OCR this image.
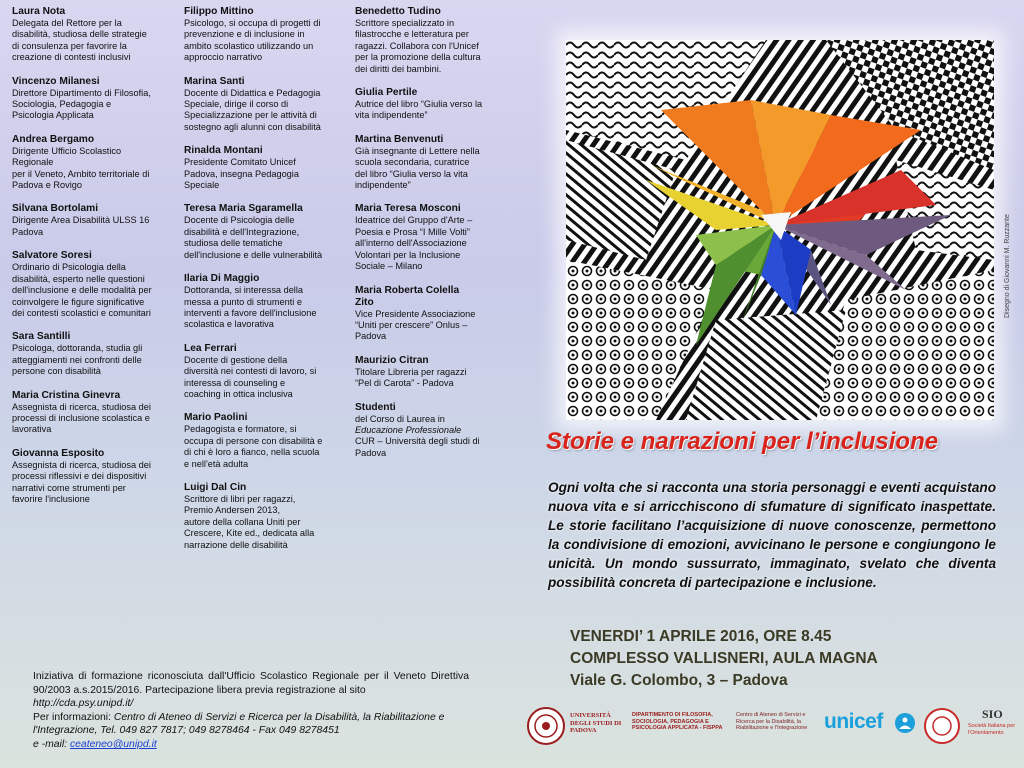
Laura Nota
Delegata del Rettore per la
disabilità, studiosa delle strategie
di consulenza per favorire la
creazione di contesti inclusivi
Vincenzo Milanesi
Direttore Dipartimento di Filosofia,
Sociologia, Pedagogia e
Psicologia Applicata
Andrea Bergamo
Dirigente Ufficio Scolastico
Regionale
per il Veneto, Ambito territoriale di
Padova e Rovigo
Silvana Bortolami
Dirigente Area Disabilità ULSS 16
Padova
Salvatore Soresi
Ordinario di Psicologia della
disabilità, esperto nelle questioni
dell'inclusione e delle modalità per
coinvolgere le figure significative
dei contesti scolastici e comunitari
Sara Santilli
Psicologa, dottoranda, studia gli
atteggiamenti nei confronti delle
persone con disabilità
Maria Cristina Ginevra
Assegnista di ricerca, studiosa dei
processi di inclusione scolastica e
lavorativa
Giovanna Esposito
Assegnista di ricerca, studiosa dei
processi riflessivi e dei dispositivi
narrativi come strumenti per
favorire l'inclusione
Filippo Mittino
Psicologo, si occupa di progetti di
prevenzione e di inclusione in
ambito scolastico utilizzando un
approccio narrativo
Marina Santi
Docente di Didattica e Pedagogia
Speciale, dirige il corso di
Specializzazione per le attività di
sostegno agli alunni con disabilità
Rinalda Montani
Presidente Comitato Unicef
Padova, insegna Pedagogia
Speciale
Teresa Maria Sgaramella
Docente di Psicologia delle
disabilità e dell'Integrazione,
studiosa delle tematiche
dell'inclusione e delle vulnerabilità
Ilaria Di Maggio
Dottoranda, si interessa della
messa a punto di strumenti e
interventi a favore dell'inclusione
scolastica e lavorativa
Lea Ferrari
Docente di gestione della
diversità nei contesti di lavoro, si
interessa di counseling e
coaching in ottica inclusiva
Mario Paolini
Pedagogista e formatore, si
occupa di persone con disabilità e
di chi è loro a fianco, nella scuola
e nell'età adulta
Luigi Dal Cin
Scrittore di libri per ragazzi,
Premio Andersen 2013,
autore della collana Uniti per
Crescere, Kite ed., dedicata alla
narrazione delle disabilità
Benedetto Tudino
Scrittore specializzato in
filastrocche e letteratura per
ragazzi. Collabora con l'Unicef
per la promozione della cultura
dei diritti dei bambini.
Giulia Pertile
Autrice del libro “Giulia verso la
vita indipendente”
Martina Benvenuti
Già insegnante di Lettere nella
scuola secondaria, curatrice
del libro “Giulia verso la vita
indipendente”
Maria Teresa Mosconi
Ideatrice del Gruppo d'Arte –
Poesia e Prosa “I Mille Volti”
all'interno dell'Associazione
Volontari per la Inclusione
Sociale – Milano
Maria Roberta Colella
Zito
Vice Presidente Associazione
“Uniti per crescere” Onlus –
Padova
Maurizio Citran
Titolare Libreria per ragazzi
“Pel di Carota” - Padova
Studenti
del Corso di Laurea in
Educazione Professionale
CUR – Università degli studi di
Padova
Disegno di Giovanni M. Ruzzante
Storie e narrazioni per l’inclusione
Ogni volta che si racconta una storia personaggi e eventi acquistano nuova vita e si arricchiscono di sfumature di significato inaspettate. Le storie facilitano l’acquisizione di nuove conoscenze, permettono la condivisione di emozioni, avvicinano le persone e congiungono le unicità. Un mondo sussurrato, immaginato, svelato che diventa possibilità concreta di partecipazione e inclusione.
VENERDI’ 1 APRILE 2016, ORE 8.45
COMPLESSO VALLISNERI, AULA MAGNA
Viale G. Colombo, 3 – Padova
Iniziativa di formazione riconosciuta dall'Ufficio Scolastico Regionale per il Veneto Direttiva 90/2003 a.s.2015/2016. Partecipazione libera previa registrazione al sito
http://cda.psy.unipd.it/
Per informazioni: Centro di Ateneo di Servizi e Ricerca per la Disabilità, la Riabilitazione e l'Integrazione, Tel. 049 827 7817; 049 8278464 - Fax 049 8278451
e -mail: ceateneo@unipd.it
UNIVERSITÀ DEGLI STUDI DI PADOVA
DIPARTIMENTO DI FILOSOFIA, SOCIOLOGIA, PEDAGOGIA E PSICOLOGIA APPLICATA - FISPPA
Centro di Ateneo di Servizi e Ricerca per la Disabilità, la Riabilitazione e l'Integrazione unicef	SIO
Società Italiana per l'Orientamento
